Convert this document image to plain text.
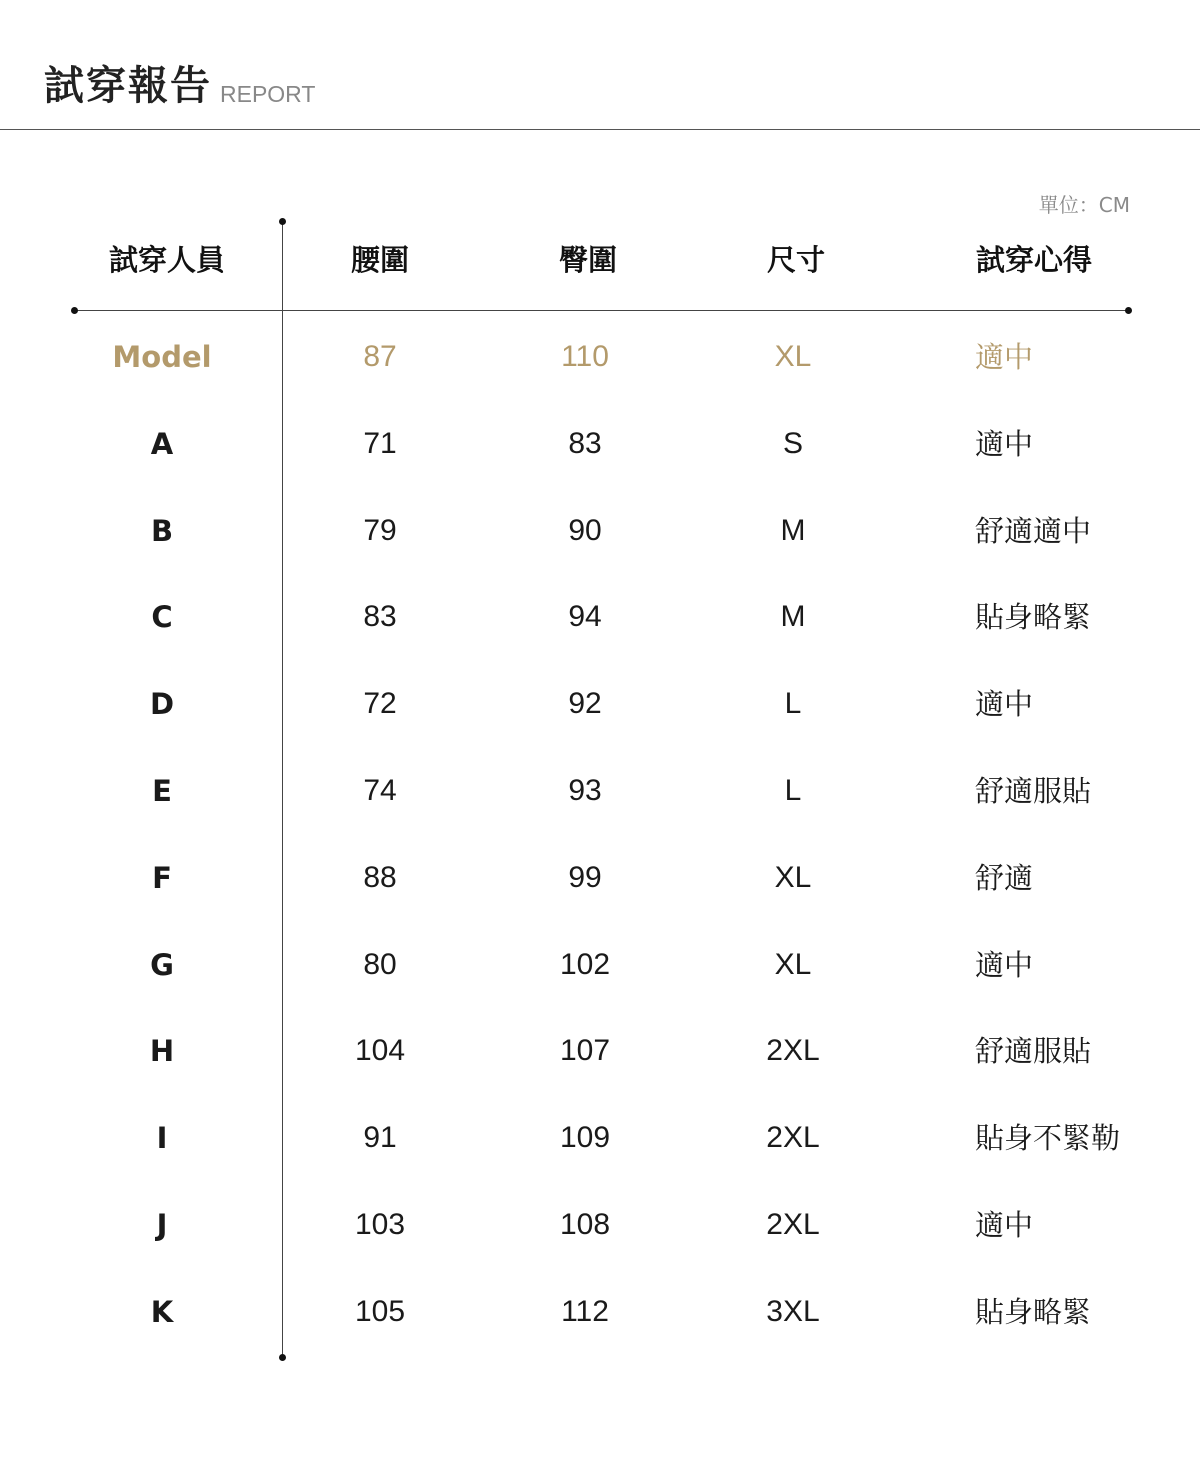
試穿報告 REPORT
單位：CM
試穿人員	腰圍	臀圍	尺寸	試穿心得
Model	87	110	XL	適中
A	71	83	S	適中
B	79	90	M	舒適適中
C	83	94	M	貼身略緊
D	72	92	L	適中
E	74	93	L	舒適服貼
F	88	99	XL	舒適
G	80	102	XL	適中
H	104	107	2XL	舒適服貼
I	91	109	2XL	貼身不緊勒
J	103	108	2XL	適中
K	105	112	3XL	貼身略緊
